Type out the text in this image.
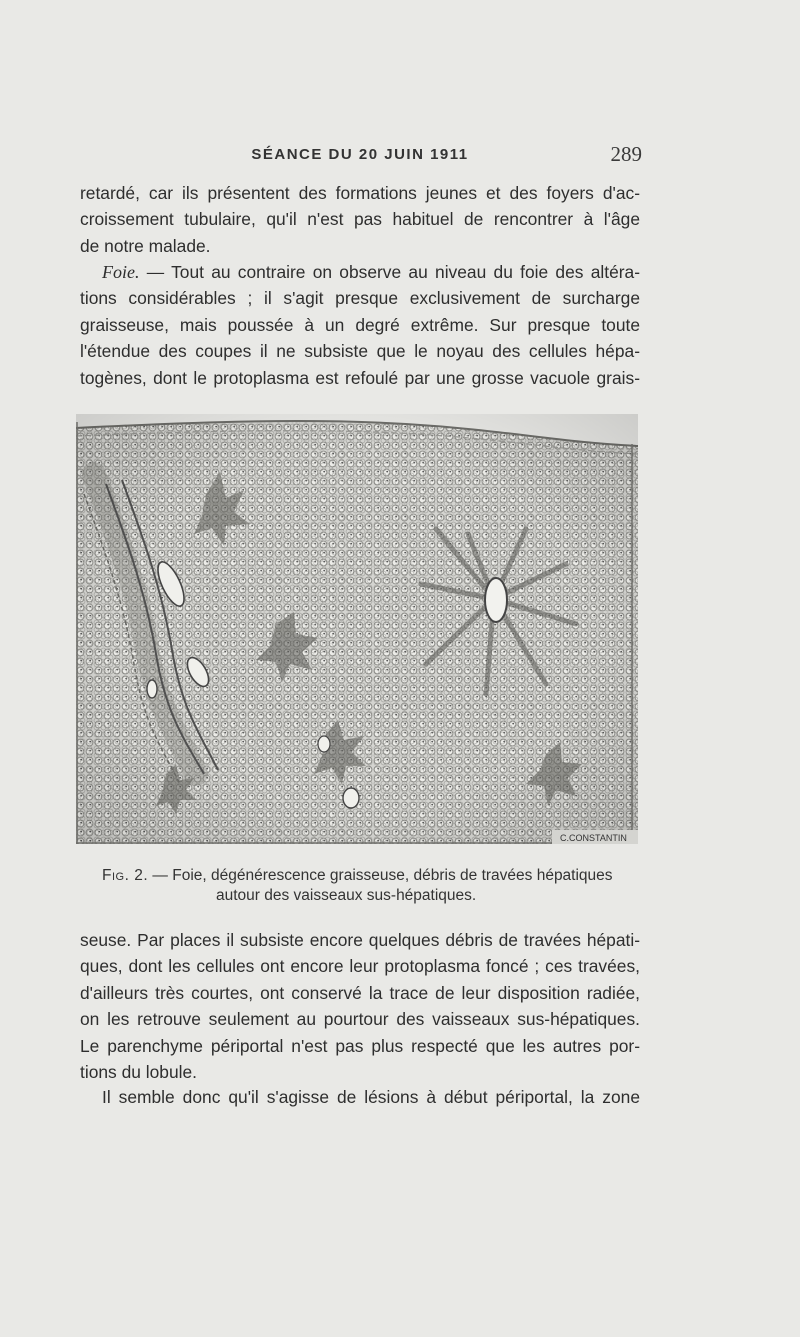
SÉANCE DU 20 JUIN 1911	289
retardé, car ils présentent des formations jeunes et des foyers d'ac-
croissement tubulaire, qu'il n'est pas habituel de rencontrer à l'âge
de notre malade.
Foie. — Tout au contraire on observe au niveau du foie des altéra-
tions considérables ; il s'agit presque exclusivement de surcharge
graisseuse, mais poussée à un degré extrême. Sur presque toute
l'étendue des coupes il ne subsiste que le noyau des cellules hépa-
togènes, dont le protoplasma est refoulé par une grosse vacuole grais-
C.CONSTANTIN
Fig. 2. — Foie, dégénérescence graisseuse, débris de travées hépatiques
autour des vaisseaux sus-hépatiques.
seuse. Par places il subsiste encore quelques débris de travées hépati-
ques, dont les cellules ont encore leur protoplasma foncé ; ces travées,
d'ailleurs très courtes, ont conservé la trace de leur disposition radiée,
on les retrouve seulement au pourtour des vaisseaux sus-hépatiques.
Le parenchyme périportal n'est pas plus respecté que les autres por-
tions du lobule.
Il semble donc qu'il s'agisse de lésions à début périportal, la zone
